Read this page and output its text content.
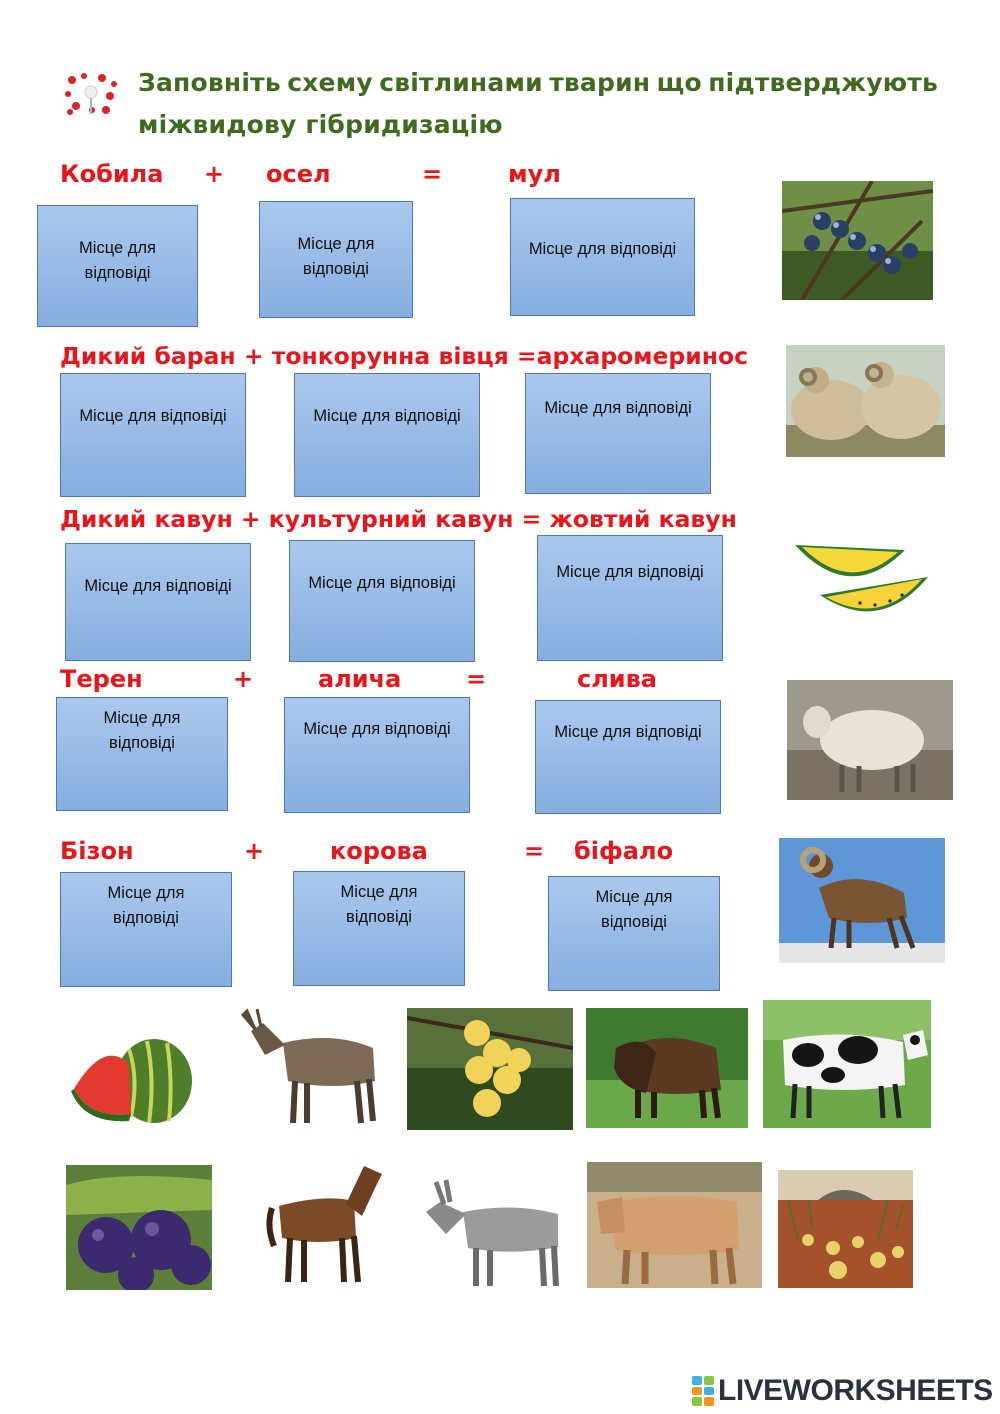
Заповніть схему світлинами тварин що підтверджують
міжвидову гібридизацію
Кобила + осел	=	мул
Місце для відповіді
Місце для відповіді
Місце для відповіді
Дикий баран + тонкорунна вівця =архаромеринос
Місце для відповіді	Місце для відповіді	Місце для відповіді
Дикий кавун + культурний кавун = жовтий кавун
Місце для відповіді	Місце для відповіді
Місце для відповіді
Терен	+	алича	=	слива
Місце для відповіді
Місце для відповіді	Місце для відповіді
Бізон	+	корова	= біфало
Місце для відповіді
Місце для відповіді
Місце для відповіді
LIVEWORKSHEETS
